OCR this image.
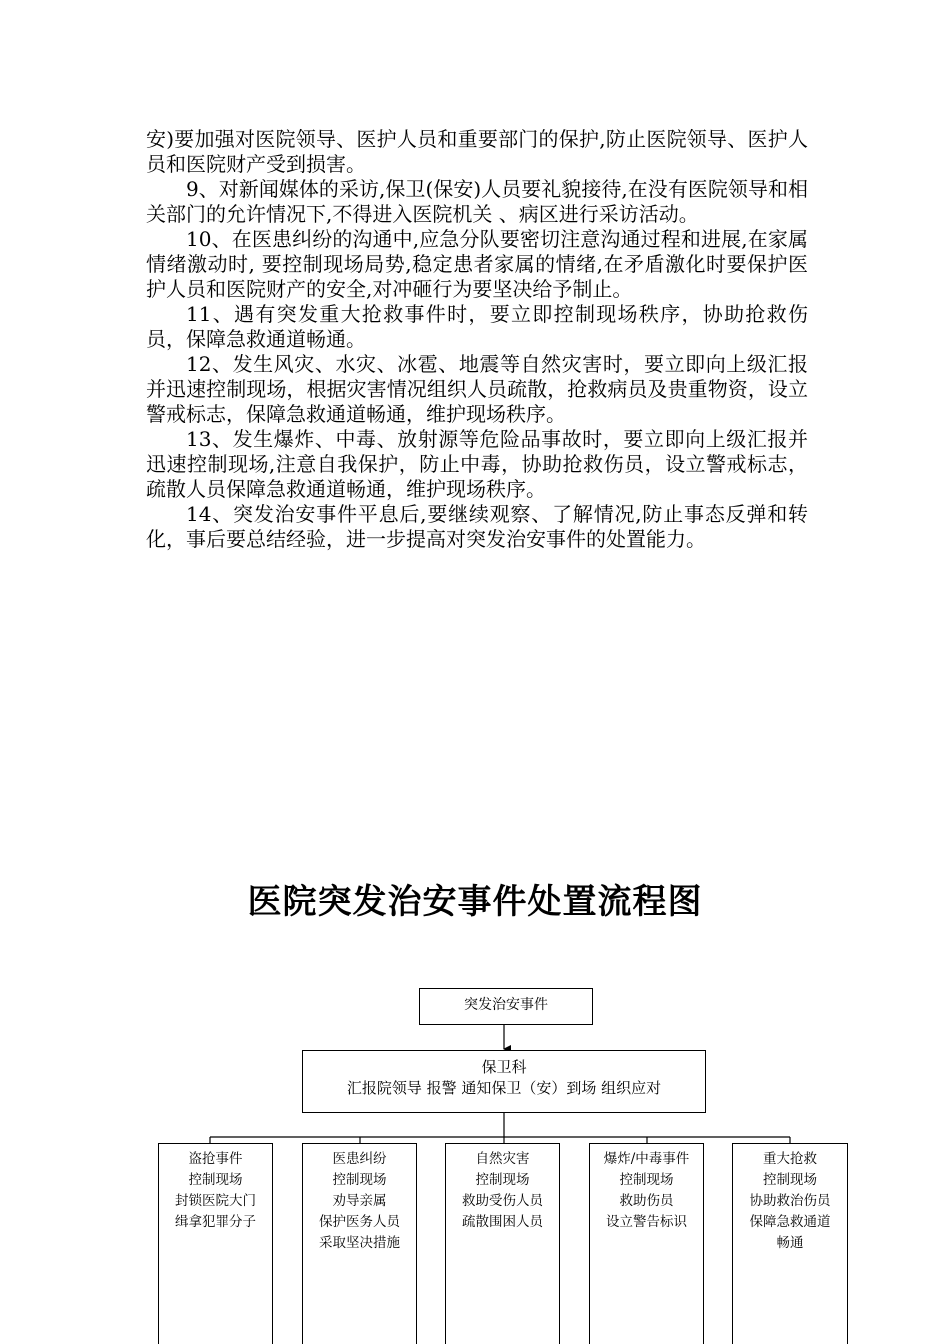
安)要加强对医院领导、医护人员和重要部门的保护,防止医院领导、医护人员和医院财产受到损害。

9、对新闻媒体的采访,保卫(保安)人员要礼貌接待,在没有医院领导和相关部门的允许情况下,不得进入医院机关 、病区进行采访活动。

10、在医患纠纷的沟通中,应急分队要密切注意沟通过程和进展,在家属情绪激动时, 要控制现场局势,稳定患者家属的情绪,在矛盾激化时要保护医护人员和医院财产的安全,对冲砸行为要坚决给予制止。

11、遇有突发重大抢救事件时，要立即控制现场秩序，协助抢救伤员，保障急救通道畅通。

12、发生风灾、水灾、冰雹、地震等自然灾害时，要立即向上级汇报并迅速控制现场，根据灾害情况组织人员疏散，抢救病员及贵重物资，设立警戒标志，保障急救通道畅通，维护现场秩序。

13、发生爆炸、中毒、放射源等危险品事故时，要立即向上级汇报并迅速控制现场,注意自我保护，防止中毒，协助抢救伤员，设立警戒标志，疏散人员保障急救通道畅通，维护现场秩序。

14、突发治安事件平息后,要继续观察、了解情况,防止事态反弹和转化，事后要总结经验，进一步提高对突发治安事件的处置能力。

医院突发治安事件处置流程图
突发治安事件
保卫科
汇报院领导 报警 通知保卫（安）到场 组织应对
盗抢事件
控制现场
封锁医院大门
缉拿犯罪分子
医患纠纷
控制现场
劝导亲属
保护医务人员
采取坚决措施
自然灾害
控制现场
救助受伤人员
疏散围困人员
爆炸/中毒事件
控制现场
救助伤员
设立警告标识
重大抢救
控制现场
协助救治伤员
保障急救通道
畅通
